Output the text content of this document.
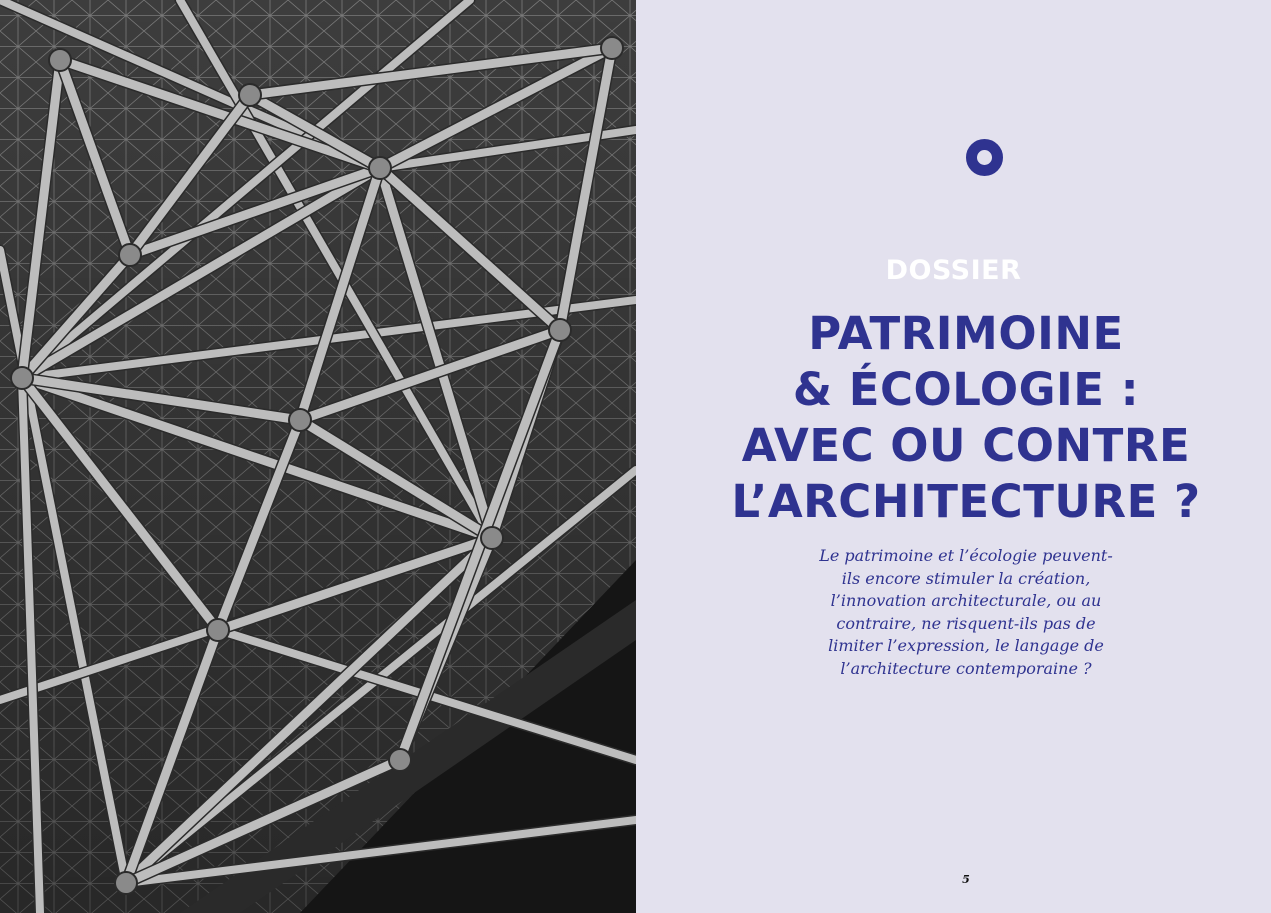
DOSSIER
PATRIMOINE
& ÉCOLOGIE :
AVEC OU CONTRE
L’ARCHITECTURE ?

Le patrimoine et l’écologie peuvent-
ils encore stimuler la création,
l’innovation architecturale, ou au
contraire, ne risquent-ils pas de
limiter l’expression, le langage de
l’architecture contemporaine ?

5
